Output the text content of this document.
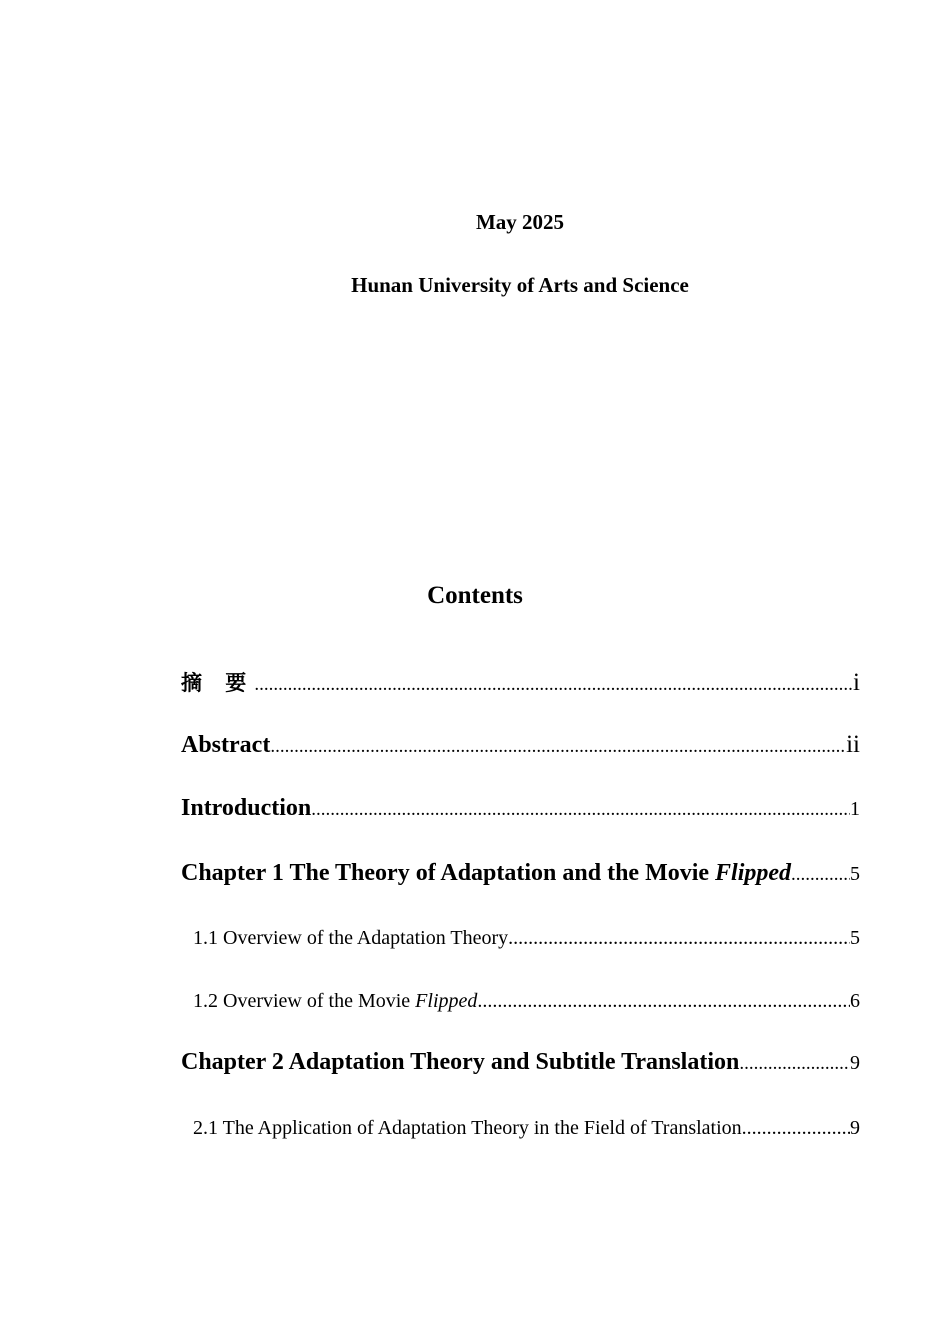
May 2025
Hunan University of Arts and Science
Contents
摘 要 .....	i
Abstract .....	ii
Introduction .....	1
Chapter 1 The Theory of Adaptation and the Movie Flipped .....	5
1.1 Overview of the Adaptation Theory .....	5
1.2 Overview of the Movie Flipped .....	6
Chapter 2 Adaptation Theory and Subtitle Translation .....	9
2.1 The Application of Adaptation Theory in the Field of Translation. .....	9
